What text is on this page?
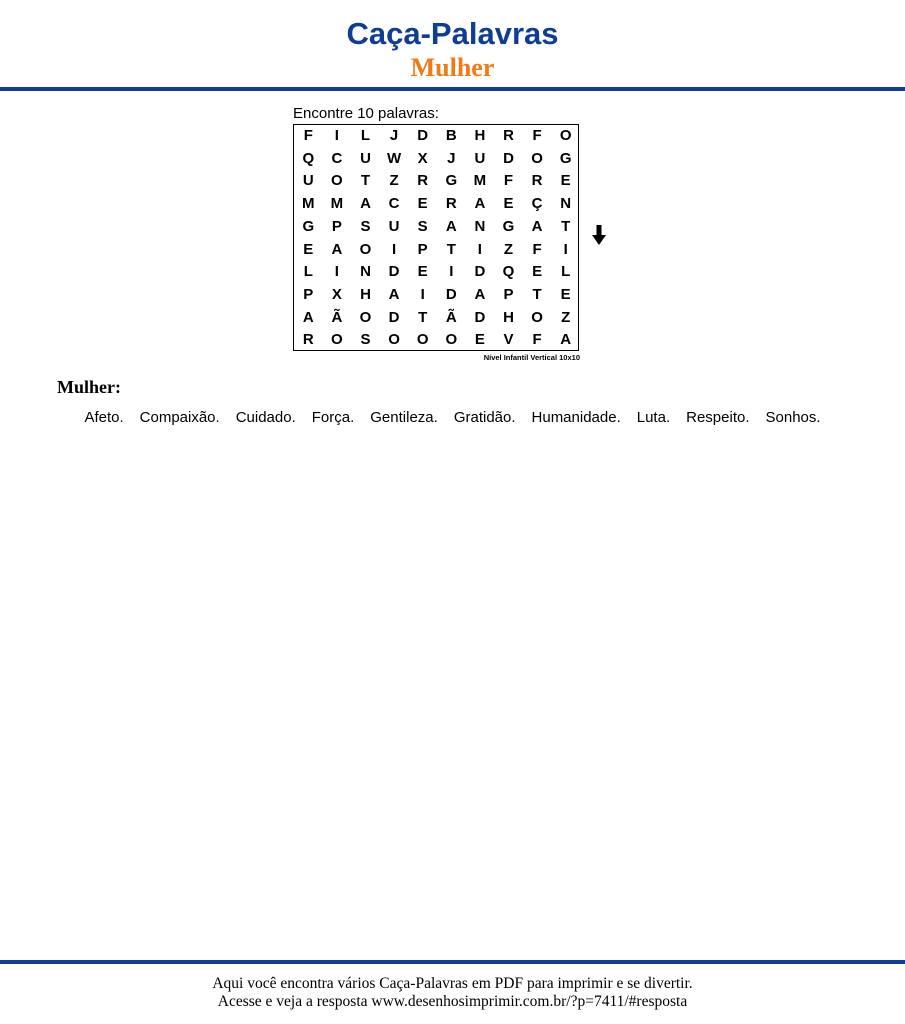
Caça-Palavras
Mulher
Encontre 10 palavras:
F	I	L	J	D	B	H	R	F	O
Q	C	U	W	X	J	U	D	O	G
U	O	T	Z	R	G	M	F	R	E
M	M	A	C	E	R	A	E	Ç	N
G	P	S	U	S	A	N	G	A	T
E	A	O	I	P	T	I	Z	F	I
L	I	N	D	E	I	D	Q	E	L
P	X	H	A	I	D	A	P	T	E
A	Ã	O	D	T	Ã	D	H	O	Z
R	O	S	O	O	O	E	V	F	A
Nível Infantil Vertical 10x10
Mulher:
Afeto. Compaixão. Cuidado. Força. Gentileza. Gratidão. Humanidade. Luta. Respeito. Sonhos.
Aqui você encontra vários Caça-Palavras em PDF para imprimir e se divertir.
Acesse e veja a resposta www.desenhosimprimir.com.br/?p=7411/#resposta
